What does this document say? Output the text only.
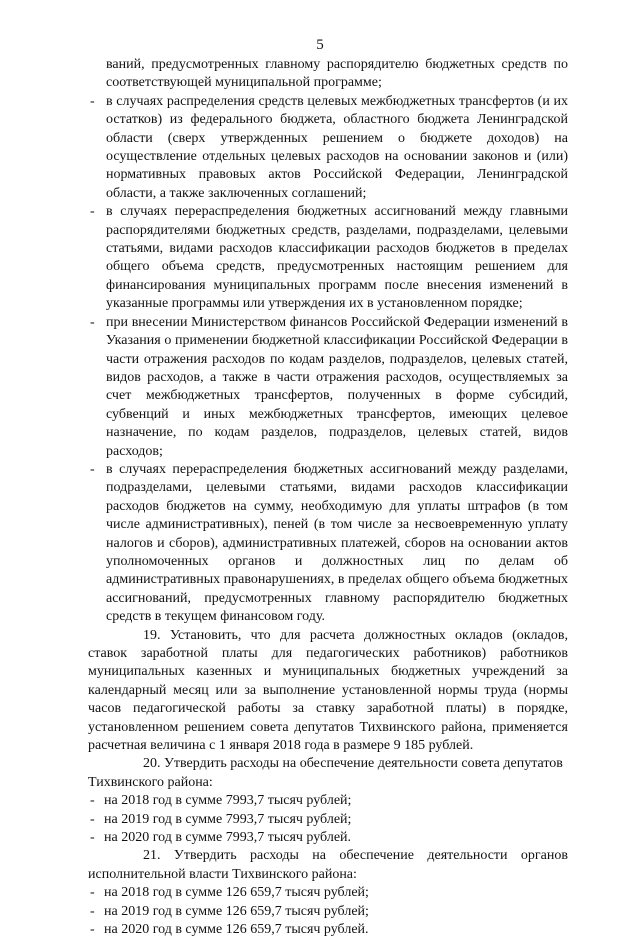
5
ваний, предусмотренных главному распорядителю бюджетных средств по соответствующей муниципальной программе;
- в случаях распределения средств целевых межбюджетных трансфертов (и их остатков) из федерального бюджета, областного бюджета Ленинградской области (сверх утвержденных решением о бюджете доходов) на осуществление отдельных целевых расходов на основании законов и (или) нормативных правовых актов Российской Федерации, Ленинградской области, а также заключенных соглашений;
- в случаях перераспределения бюджетных ассигнований между главными распорядителями бюджетных средств, разделами, подразделами, целевыми статьями, видами расходов классификации расходов бюджетов в пределах общего объема средств, предусмотренных настоящим решением для финансирования муниципальных программ после внесения изменений в указанные программы или утверждения их в установленном порядке;
- при внесении Министерством финансов Российской Федерации изменений в Указания о применении бюджетной классификации Российской Федерации в части отражения расходов по кодам разделов, подразделов, целевых статей, видов расходов, а также в части отражения расходов, осуществляемых за счет межбюджетных трансфертов, полученных в форме субсидий, субвенций и иных межбюджетных трансфертов, имеющих целевое назначение, по кодам разделов, подразделов, целевых статей, видов расходов;
- в случаях перераспределения бюджетных ассигнований между разделами, подразделами, целевыми статьями, видами расходов классификации расходов бюджетов на сумму, необходимую для уплаты штрафов (в том числе административных), пеней (в том числе за несвоевременную уплату налогов и сборов), административных платежей, сборов на основании актов уполномоченных органов и должностных лиц по делам об административных правонарушениях, в пределах общего объема бюджетных ассигнований, предусмотренных главному распорядителю бюджетных средств в текущем финансовом году.
19. Установить, что для расчета должностных окладов (окладов, ставок заработной платы для педагогических работников) работников муниципальных казенных и муниципальных бюджетных учреждений за календарный месяц или за выполнение установленной нормы труда (нормы часов педагогической работы за ставку заработной платы) в порядке, установленном решением совета депутатов Тихвинского района, применяется расчетная величина с 1 января 2018 года в размере 9 185 рублей.
20. Утвердить расходы на обеспечение деятельности совета депутатов
Тихвинского района:
- на 2018 год в сумме 7993,7 тысяч рублей;
- на 2019 год в сумме 7993,7 тысяч рублей;
- на 2020 год в сумме 7993,7 тысяч рублей.
21. Утвердить расходы на обеспечение деятельности органов исполнительной власти Тихвинского района:
- на 2018 год в сумме 126 659,7 тысяч рублей;
- на 2019 год в сумме 126 659,7 тысяч рублей;
- на 2020 год в сумме 126 659,7 тысяч рублей.
